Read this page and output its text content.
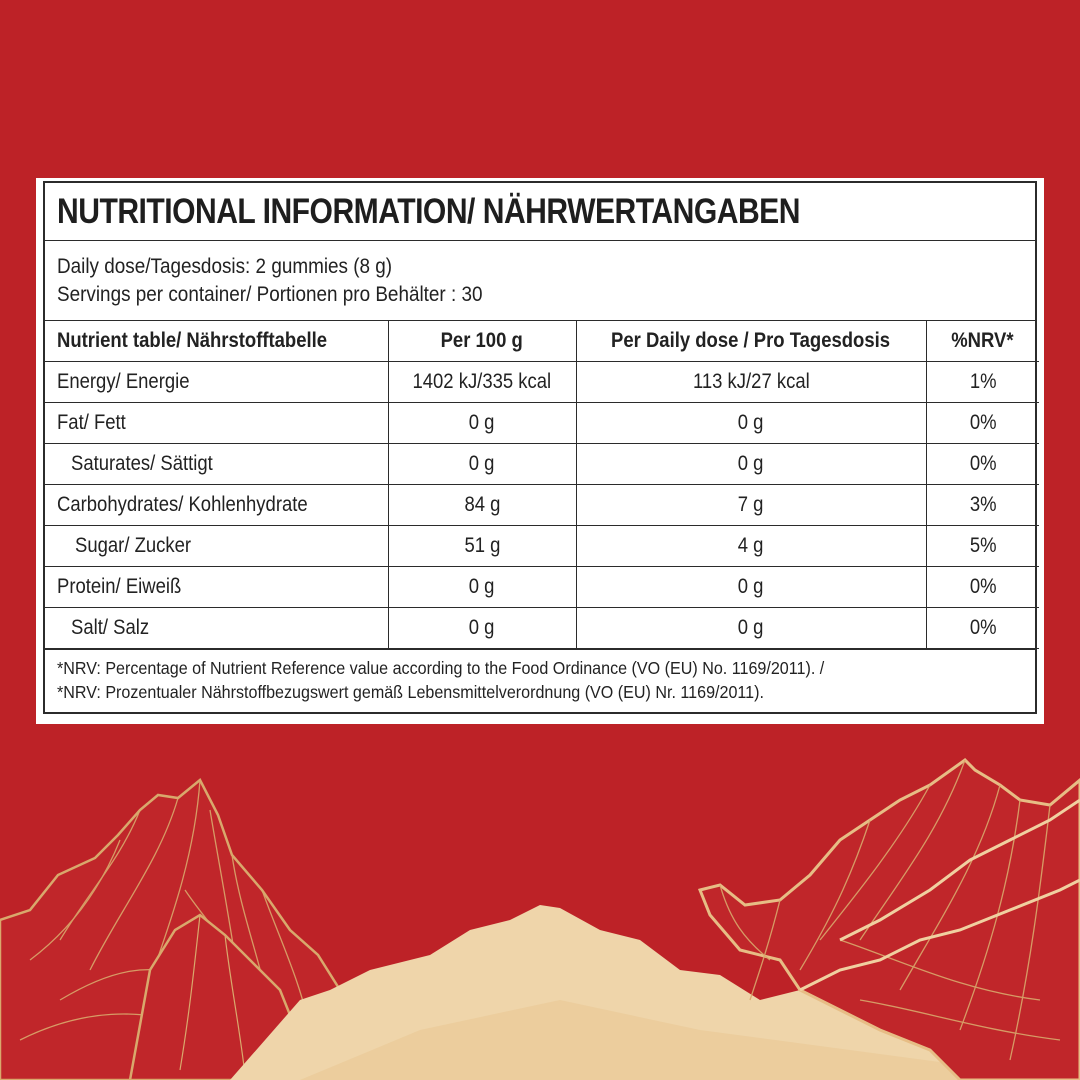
NUTRITIONAL INFORMATION/ NÄHRWERTANGABEN
Daily dose/Tagesdosis: 2 gummies (8 g)
Servings per container/ Portionen pro Behälter : 30
Nutrient table/ Nährstofftabelle	Per 100 g	Per Daily dose / Pro Tagesdosis	%NRV*
Energy/ Energie	1402 kJ/335 kcal	113 kJ/27 kcal	1%
Fat/ Fett	0 g	0 g	0%
Saturates/ Sättigt	0 g	0 g	0%
Carbohydrates/ Kohlenhydrate	84 g	7 g	3%
Sugar/ Zucker	51 g	4 g	5%
Protein/ Eiweiß	0 g	0 g	0%
Salt/ Salz	0 g	0 g	0%
*NRV: Percentage of Nutrient Reference value according to the Food Ordinance (VO (EU) No. 1169/2011). /
*NRV: Prozentualer Nährstoffbezugswert gemäß Lebensmittelverordnung (VO (EU) Nr. 1169/2011).
